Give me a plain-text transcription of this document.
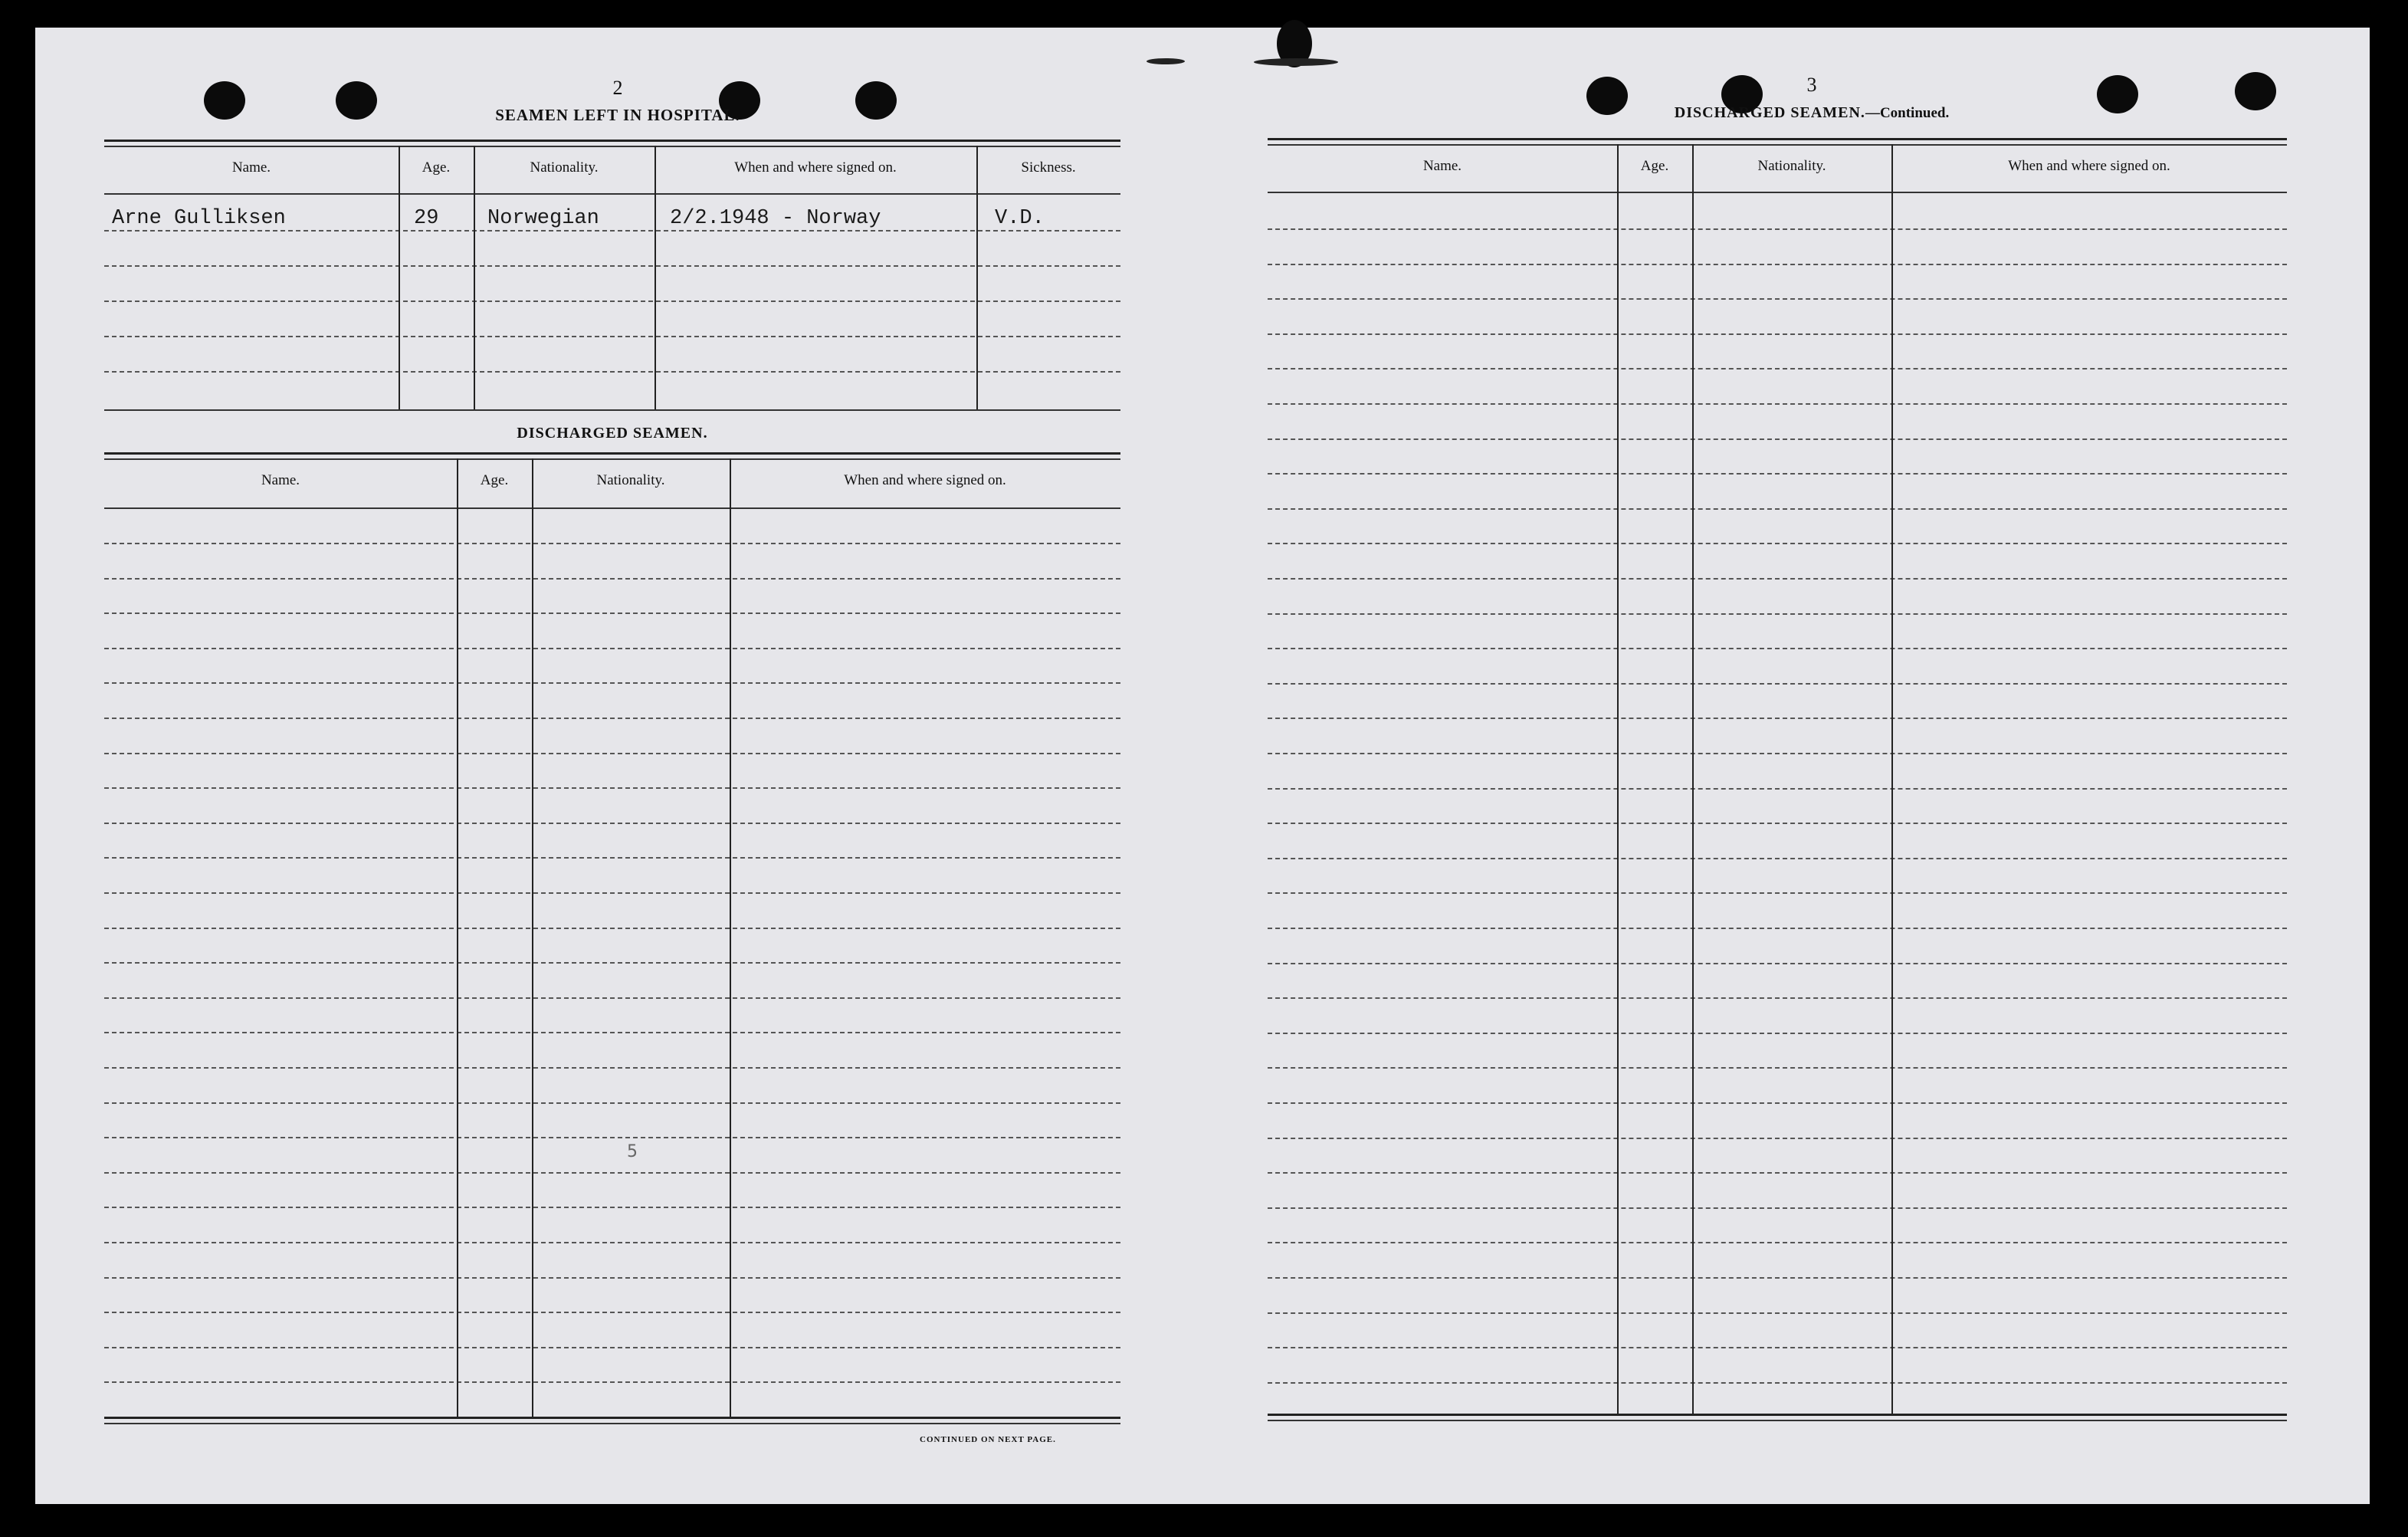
2
SEAMEN LEFT IN HOSPITAL.
Name.	Age.	Nationality.	When and where signed on.	Sickness.
Arne Gulliksen	29 Norwegian	2/2.1948 - Norway	V.D.
DISCHARGED SEAMEN.
Name.	Age.	Nationality.	When and where signed on.
5
CONTINUED ON NEXT PAGE.
3
DISCHARGED SEAMEN.—Continued.
Name.	Age.	Nationality.	When and where signed on.
